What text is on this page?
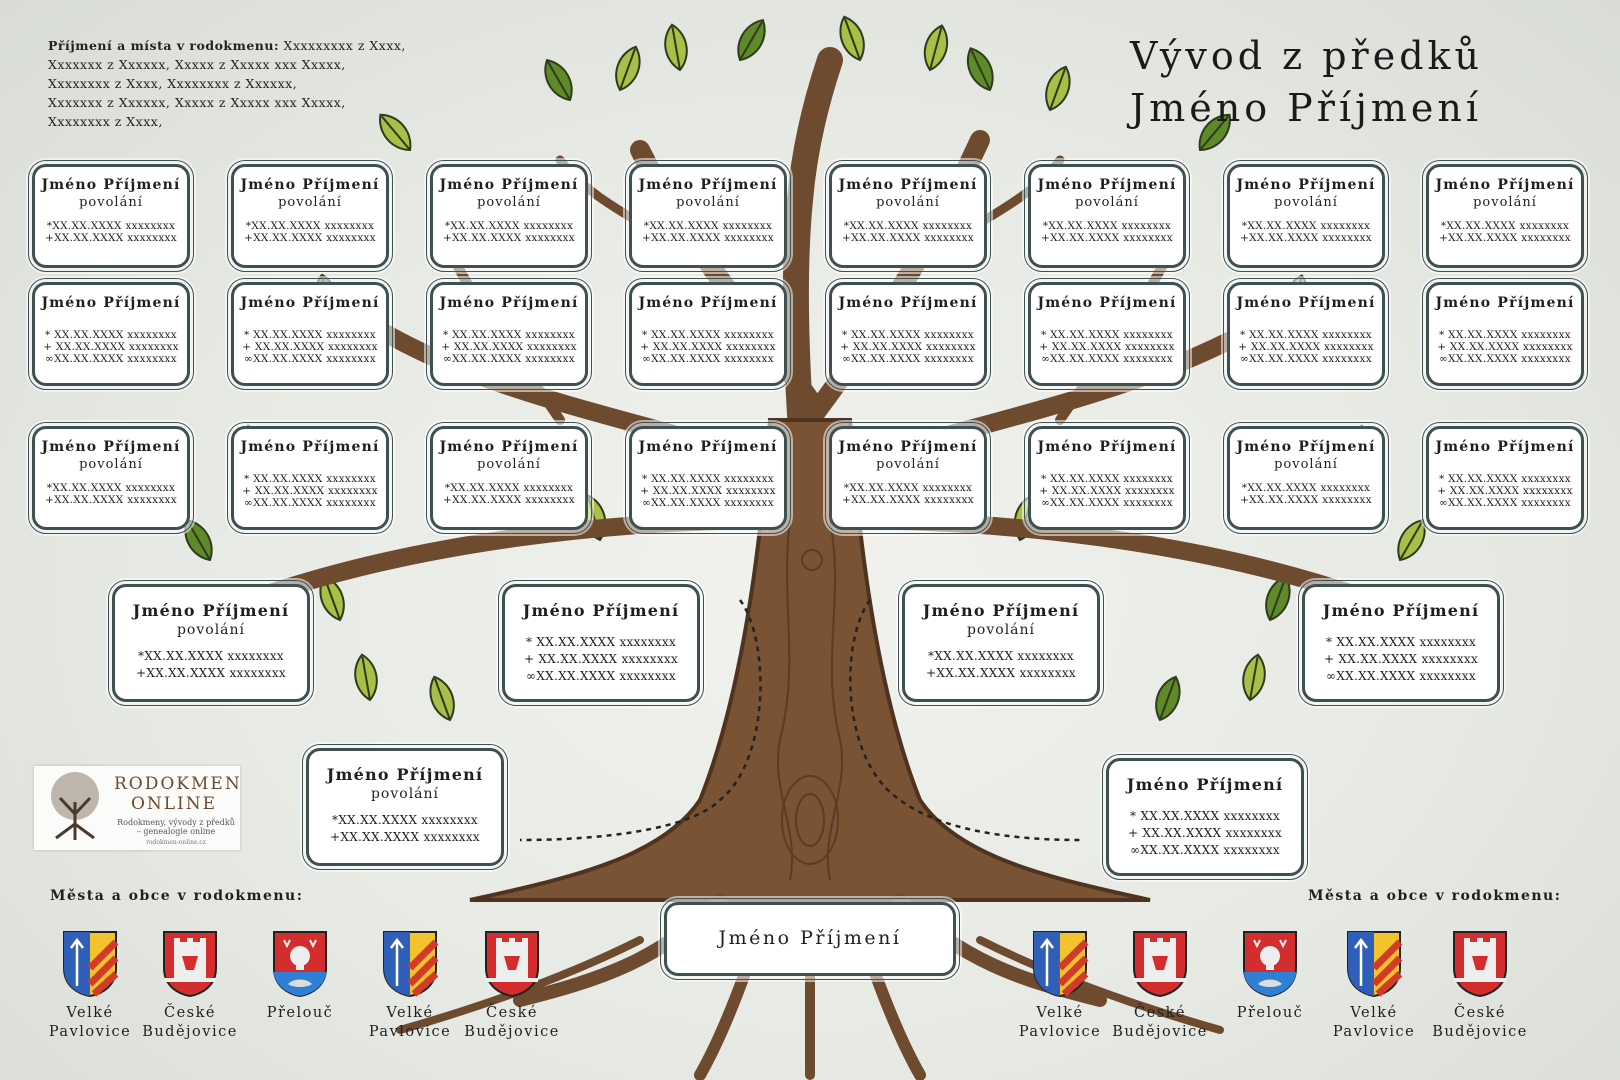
Vývod z předků
Jméno Příjmení
Příjmení a místa v rodokmenu: Xxxxxxxxx z Xxxx,
Xxxxxxx z Xxxxxx, Xxxxx z Xxxxx xxx Xxxxx,
Xxxxxxxx z Xxxx, Xxxxxxxx z Xxxxxx,
Xxxxxxx z Xxxxxx, Xxxxx z Xxxxx xxx Xxxxx,
Xxxxxxxx z Xxxx,
Jméno Příjmení
povolání
*XX.XX.XXXX xxxxxxxx
+XX.XX.XXXX xxxxxxxx
Jméno Příjmení
povolání
*XX.XX.XXXX xxxxxxxx
+XX.XX.XXXX xxxxxxxx
Jméno Příjmení
povolání
*XX.XX.XXXX xxxxxxxx
+XX.XX.XXXX xxxxxxxx
Jméno Příjmení
povolání
*XX.XX.XXXX xxxxxxxx
+XX.XX.XXXX xxxxxxxx
Jméno Příjmení
povolání
*XX.XX.XXXX xxxxxxxx
+XX.XX.XXXX xxxxxxxx
Jméno Příjmení
povolání
*XX.XX.XXXX xxxxxxxx
+XX.XX.XXXX xxxxxxxx
Jméno Příjmení
povolání
*XX.XX.XXXX xxxxxxxx
+XX.XX.XXXX xxxxxxxx
Jméno Příjmení
povolání
*XX.XX.XXXX xxxxxxxx
+XX.XX.XXXX xxxxxxxx
Jméno Příjmení
* XX.XX.XXXX xxxxxxxx
+ XX.XX.XXXX xxxxxxxx
∞XX.XX.XXXX xxxxxxxx
Jméno Příjmení
* XX.XX.XXXX xxxxxxxx
+ XX.XX.XXXX xxxxxxxx
∞XX.XX.XXXX xxxxxxxx
Jméno Příjmení
* XX.XX.XXXX xxxxxxxx
+ XX.XX.XXXX xxxxxxxx
∞XX.XX.XXXX xxxxxxxx
Jméno Příjmení
* XX.XX.XXXX xxxxxxxx
+ XX.XX.XXXX xxxxxxxx
∞XX.XX.XXXX xxxxxxxx
Jméno Příjmení
* XX.XX.XXXX xxxxxxxx
+ XX.XX.XXXX xxxxxxxx
∞XX.XX.XXXX xxxxxxxx
Jméno Příjmení
* XX.XX.XXXX xxxxxxxx
+ XX.XX.XXXX xxxxxxxx
∞XX.XX.XXXX xxxxxxxx
Jméno Příjmení
* XX.XX.XXXX xxxxxxxx
+ XX.XX.XXXX xxxxxxxx
∞XX.XX.XXXX xxxxxxxx
Jméno Příjmení
* XX.XX.XXXX xxxxxxxx
+ XX.XX.XXXX xxxxxxxx
∞XX.XX.XXXX xxxxxxxx
Jméno Příjmení
povolání
*XX.XX.XXXX xxxxxxxx
+XX.XX.XXXX xxxxxxxx
Jméno Příjmení
* XX.XX.XXXX xxxxxxxx
+ XX.XX.XXXX xxxxxxxx
∞XX.XX.XXXX xxxxxxxx
Jméno Příjmení
povolání
*XX.XX.XXXX xxxxxxxx
+XX.XX.XXXX xxxxxxxx
Jméno Příjmení
* XX.XX.XXXX xxxxxxxx
+ XX.XX.XXXX xxxxxxxx
∞XX.XX.XXXX xxxxxxxx
Jméno Příjmení
povolání
*XX.XX.XXXX xxxxxxxx
+XX.XX.XXXX xxxxxxxx
Jméno Příjmení
* XX.XX.XXXX xxxxxxxx
+ XX.XX.XXXX xxxxxxxx
∞XX.XX.XXXX xxxxxxxx
Jméno Příjmení
povolání
*XX.XX.XXXX xxxxxxxx
+XX.XX.XXXX xxxxxxxx
Jméno Příjmení
* XX.XX.XXXX xxxxxxxx
+ XX.XX.XXXX xxxxxxxx
∞XX.XX.XXXX xxxxxxxx
Jméno Příjmení
povolání
*XX.XX.XXXX xxxxxxxx
+XX.XX.XXXX xxxxxxxx
Jméno Příjmení
* XX.XX.XXXX xxxxxxxx
+ XX.XX.XXXX xxxxxxxx
∞XX.XX.XXXX xxxxxxxx
Jméno Příjmení
povolání
*XX.XX.XXXX xxxxxxxx
+XX.XX.XXXX xxxxxxxx
Jméno Příjmení
* XX.XX.XXXX xxxxxxxx
+ XX.XX.XXXX xxxxxxxx
∞XX.XX.XXXX xxxxxxxx
Jméno Příjmení
povolání
*XX.XX.XXXX xxxxxxxx
+XX.XX.XXXX xxxxxxxx
Jméno Příjmení
* XX.XX.XXXX xxxxxxxx
+ XX.XX.XXXX xxxxxxxx
∞XX.XX.XXXX xxxxxxxx
Jméno Příjmení
RODOKMEN
ONLINE
Rodokmeny, vývody z předků
– genealogie online
rodokmen-online.cz
Města a obce v rodokmenu:	Města a obce v rodokmenu:
Velké
Pavlovice
České
Budějovice
Přelouč	Velké
Pavlovice
České
Budějovice
Velké
Pavlovice
České
Budějovice
Přelouč	Velké
Pavlovice
České
Budějovice
